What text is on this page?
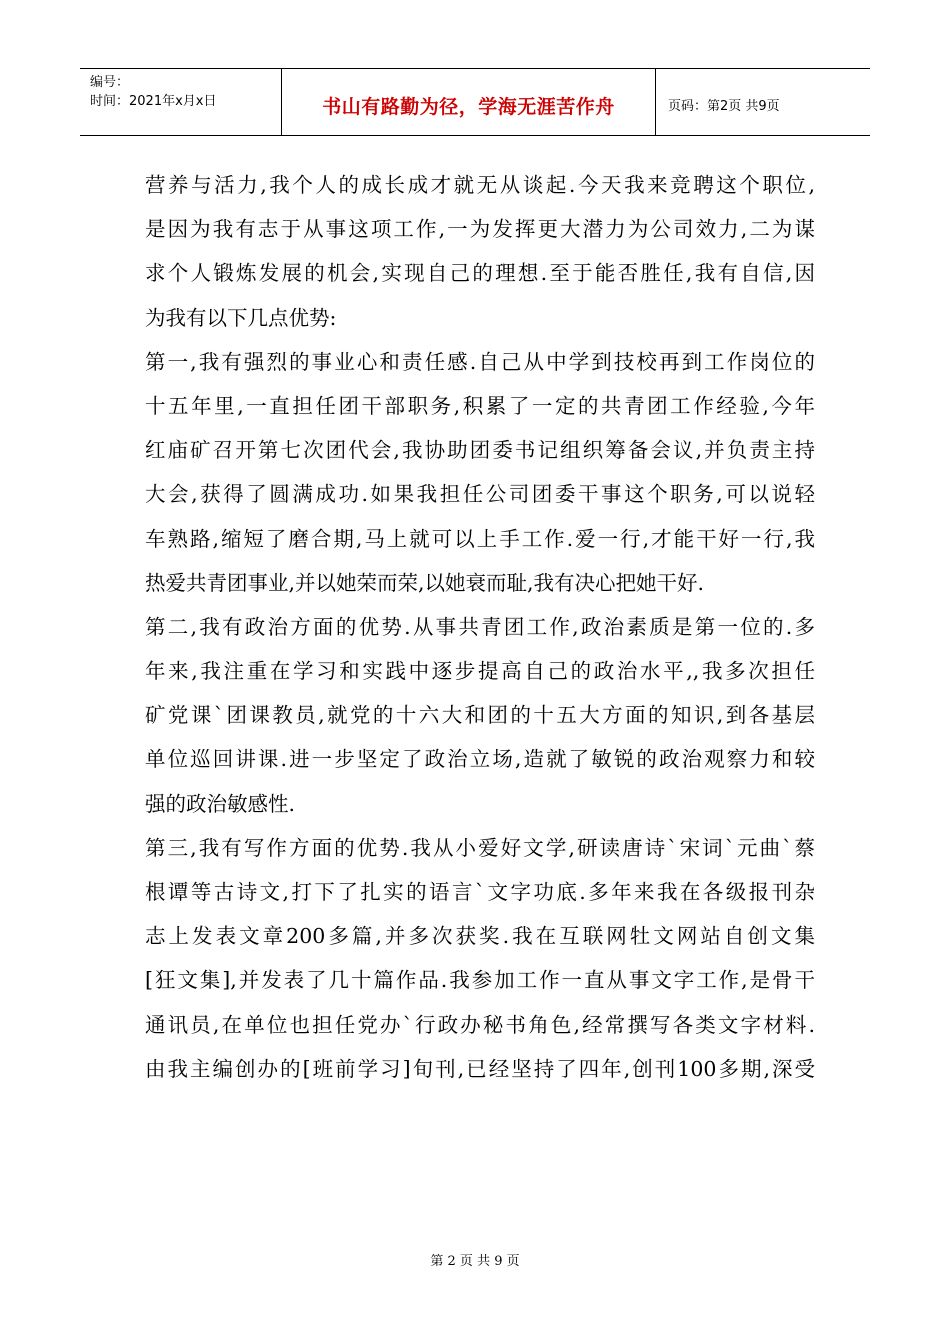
编号：
时间：2021年x月x日	书山有路勤为径，学海无涯苦作舟	页码：第2页 共9页
营养与活力,我个人的成长成才就无从谈起.今天我来竞聘这个职位,
是因为我有志于从事这项工作,一为发挥更大潜力为公司效力,二为谋
求个人锻炼发展的机会,实现自己的理想.至于能否胜任,我有自信,因
为我有以下几点优势:
第一,我有强烈的事业心和责任感.自己从中学到技校再到工作岗位的
十五年里,一直担任团干部职务,积累了一定的共青团工作经验,今年
红庙矿召开第七次团代会,我协助团委书记组织筹备会议,并负责主持
大会,获得了圆满成功.如果我担任公司团委干事这个职务,可以说轻
车熟路,缩短了磨合期,马上就可以上手工作.爱一行,才能干好一行,我
热爱共青团事业,并以她荣而荣,以她衰而耻,我有决心把她干好.
第二,我有政治方面的优势.从事共青团工作,政治素质是第一位的.多
年来,我注重在学习和实践中逐步提高自己的政治水平,,我多次担任
矿党课`团课教员,就党的十六大和团的十五大方面的知识,到各基层
单位巡回讲课.进一步坚定了政治立场,造就了敏锐的政治观察力和较
强的政治敏感性.
第三,我有写作方面的优势.我从小爱好文学,研读唐诗`宋词`元曲`蔡
根谭等古诗文,打下了扎实的语言`文字功底.多年来我在各级报刊杂
志上发表文章200多篇,并多次获奖.我在互联网牡文网站自创文集
[狂文集],并发表了几十篇作品.我参加工作一直从事文字工作,是骨干
通讯员,在单位也担任党办`行政办秘书角色,经常撰写各类文字材料.
由我主编创办的[班前学习]旬刊,已经坚持了四年,创刊100多期,深受
第 2 页 共 9 页
